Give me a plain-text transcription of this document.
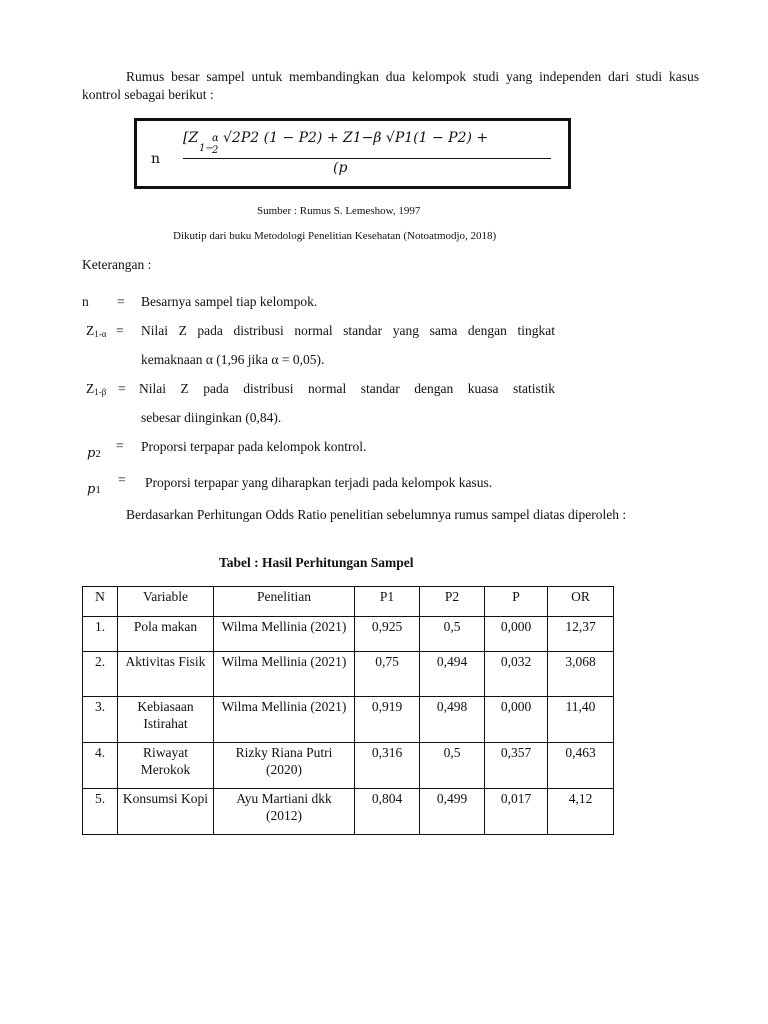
Rumus besar sampel untuk membandingkan dua kelompok studi yang independen dari studi kasus kontrol sebagai berikut :
n
[Z
1−
α
2
√2P2 (1 − P2) + Z1−β √P1(1 − P2) +
(p
Sumber : Rumus S. Lemeshow, 1997
Dikutip dari buku Metodologi Penelitian Kesehatan (Notoatmodjo, 2018)
Keterangan :
n = Besarnya sampel tiap kelompok.
$Z_{1-\alpha}$ = Nilai Z pada distribusi normal standar yang sama dengan tingkat
kemaknaan α (1,96 jika α = 0,05).
$Z_{1-\beta}$ = Nilai Z pada distribusi normal standar dengan kuasa statistik
sebesar diinginkan (0,84).
p2
= Proporsi terpapar pada kelompok kontrol.
p1
= Proporsi terpapar yang diharapkan terjadi pada kelompok kasus.
Berdasarkan Perhitungan Odds Ratio penelitian sebelumnya rumus sampel diatas diperoleh :
Tabel : Hasil Perhitungan Sampel
N	Variable	Penelitian	P1	P2	P	OR
1.	Pola makan	Wilma Mellinia (2021)	0,925	0,5	0,000	12,37
2.	Aktivitas Fisik	Wilma Mellinia (2021)	0,75	0,494	0,032	3,068
3.	Kebiasaan Istirahat	Wilma Mellinia (2021)	0,919	0,498	0,000	11,40
4.	Riwayat Merokok	Rizky Riana Putri (2020)	0,316	0,5	0,357	0,463
5.	Konsumsi Kopi	Ayu Martiani dkk (2012)	0,804	0,499	0,017	4,12
